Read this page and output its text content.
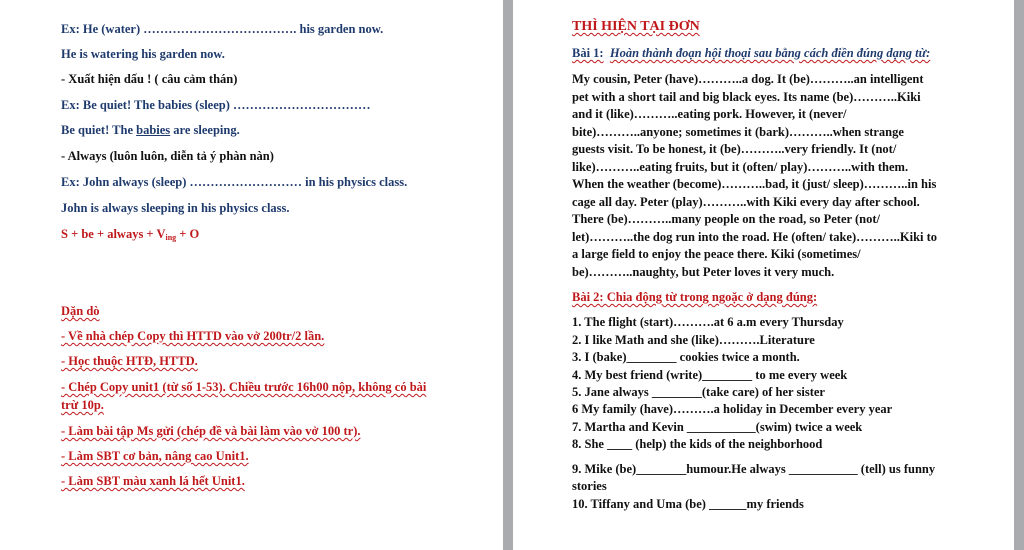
Ex: He (water) ………………………………. his garden now.
He is watering his garden now.
- Xuất hiện dấu ! ( câu cảm thán)
Ex: Be quiet! The babies (sleep) ……………………………
Be quiet! The babies are sleeping.
- Always (luôn luôn, diễn tả ý phàn nàn)
Ex: John always (sleep) ……………………… in his physics class.
John is always sleeping in his physics class.
S + be + always + $V_{ing} + O$
Dặn dò
- Về nhà chép Copy thì HTTD vào vở 200tr/2 lần.
- Học thuộc HTĐ, HTTD.
- Chép Copy unit1 (từ số 1-53). Chiều trước 16h00 nộp, không có bài
trừ 10p.
- Làm bài tập Ms gửi (chép đề và bài làm vào vở 100 tr).
- Làm SBT cơ bản, nâng cao Unit1.
- Làm SBT màu xanh lá hết Unit1.
THÌ HIỆN TẠI ĐƠN
Bài 1: Hoàn thành đoạn hội thoại sau bằng cách điền đúng dạng từ:
My cousin, Peter (have)………..a dog. It (be)………..an intelligent
pet with a short tail and big black eyes. Its name (be)………..Kiki
and it (like)………..eating pork. However, it (never/
bite)………..anyone; sometimes it (bark)………..when strange
guests visit. To be honest, it (be)………..very friendly. It (not/
like)………..eating fruits, but it (often/ play)………..with them.
When the weather (become)………..bad, it (just/ sleep)………..in his
cage all day. Peter (play)………..with Kiki every day after school.
There (be)………..many people on the road, so Peter (not/
let)………..the dog run into the road. He (often/ take)………..Kiki to
a large field to enjoy the peace there. Kiki (sometimes/
be)………..naughty, but Peter loves it very much.
Bài 2: Chia động từ trong ngoặc ở dạng đúng:
1. The flight (start)……….at 6 a.m every Thursday
2. I like Math and she (like)……….Literature
3. I (bake)________ cookies twice a month.
4. My best friend (write)________ to me every week
5. Jane always ________(take care) of her sister
6 My family (have)……….a holiday in December every year
7. Martha and Kevin ___________(swim) twice a week
8. She ____ (help) the kids of the neighborhood
9. Mike (be)________humour.He always ___________ (tell) us funny
stories
10. Tiffany and Uma (be) ______my friends
